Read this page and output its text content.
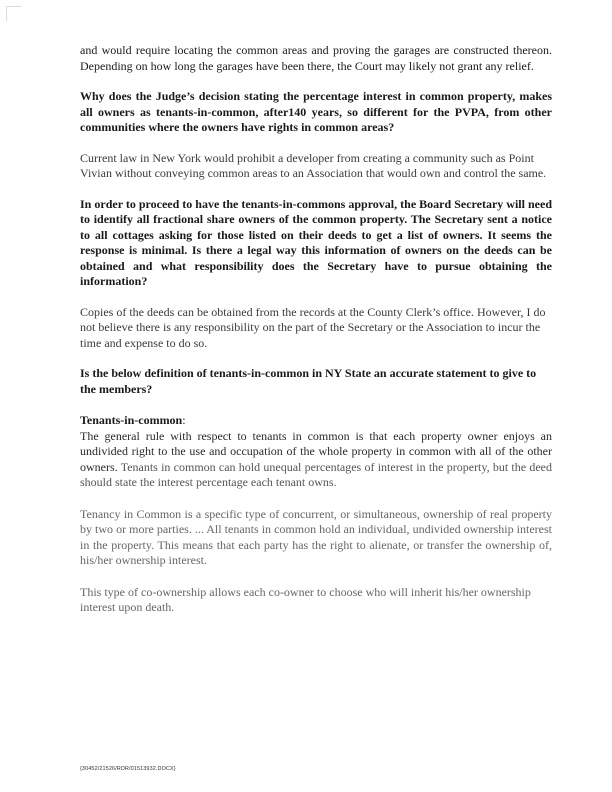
and would require locating the common areas and proving the garages are constructed thereon. Depending on how long the garages have been there, the Court may likely not grant any relief.

Why does the Judge’s decision stating the percentage interest in common property, makes all owners as tenants-in-common, after140 years, so different for the PVPA, from other communities where the owners have rights in common areas?

Current law in New York would prohibit a developer from creating a community such as Point Vivian without conveying common areas to an Association that would own and control the same.

In order to proceed to have the tenants-in-commons approval, the Board Secretary will need to identify all fractional share owners of the common property. The Secretary sent a notice to all cottages asking for those listed on their deeds to get a list of owners. It seems the response is minimal. Is there a legal way this information of owners on the deeds can be obtained and what responsibility does the Secretary have to pursue obtaining the information?

Copies of the deeds can be obtained from the records at the County Clerk’s office. However, I do not believe there is any responsibility on the part of the Secretary or the Association to incur the time and expense to do so.

Is the below definition of tenants-in-common in NY State an accurate statement to give to the members?

Tenants-in-common:

The general rule with respect to tenants in common is that each property owner enjoys an undivided right to the use and occupation of the whole property in common with all of the other owners. Tenants in common can hold unequal percentages of interest in the property, but the deed should state the interest percentage each tenant owns.

Tenancy in Common is a specific type of concurrent, or simultaneous, ownership of real property by two or more parties. ... All tenants in common hold an individual, undivided ownership interest in the property. This means that each party has the right to alienate, or transfer the ownership of, his/her ownership interest.

This type of co-ownership allows each co-owner to choose who will inherit his/her ownership interest upon death.

{30452/21526/RDR/01513932.DOCX}
